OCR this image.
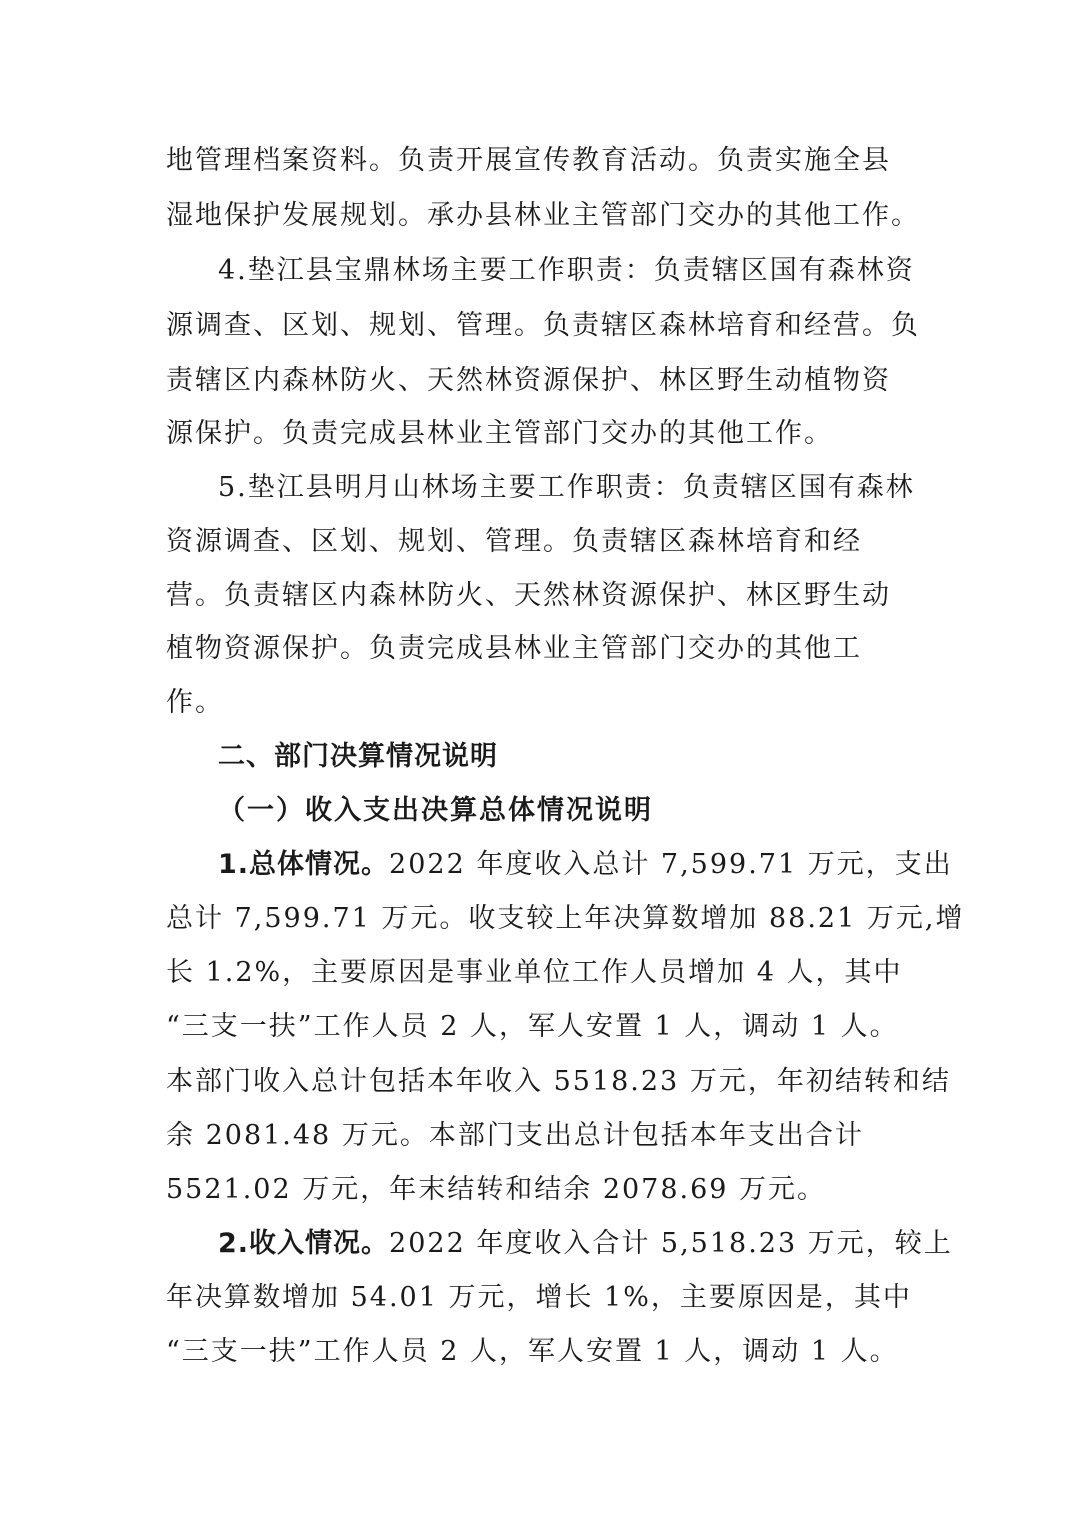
地管理档案资料。负责开展宣传教育活动。负责实施全县
湿地保护发展规划。承办县林业主管部门交办的其他工作。
4.垫江县宝鼎林场主要工作职责：负责辖区国有森林资
源调查、区划、规划、管理。负责辖区森林培育和经营。负
责辖区内森林防火、天然林资源保护、林区野生动植物资
源保护。负责完成县林业主管部门交办的其他工作。
5.垫江县明月山林场主要工作职责：负责辖区国有森林
资源调查、区划、规划、管理。负责辖区森林培育和经
营。负责辖区内森林防火、天然林资源保护、林区野生动
植物资源保护。负责完成县林业主管部门交办的其他工
作。
二、部门决算情况说明
（一）收入支出决算总体情况说明
1.总体情况。2022 年度收入总计 7,599.71 万元，支出
总计 7,599.71 万元。收支较上年决算数增加 88.21 万元,增
长 1.2%，主要原因是事业单位工作人员增加 4 人，其中
“三支一扶”工作人员 2 人，军人安置 1 人，调动 1 人。
本部门收入总计包括本年收入 5518.23 万元，年初结转和结
余 2081.48 万元。本部门支出总计包括本年支出合计
5521.02 万元，年末结转和结余 2078.69 万元。
2.收入情况。2022 年度收入合计 5,518.23 万元，较上
年决算数增加 54.01 万元，增长 1%，主要原因是，其中
“三支一扶”工作人员 2 人，军人安置 1 人，调动 1 人。
